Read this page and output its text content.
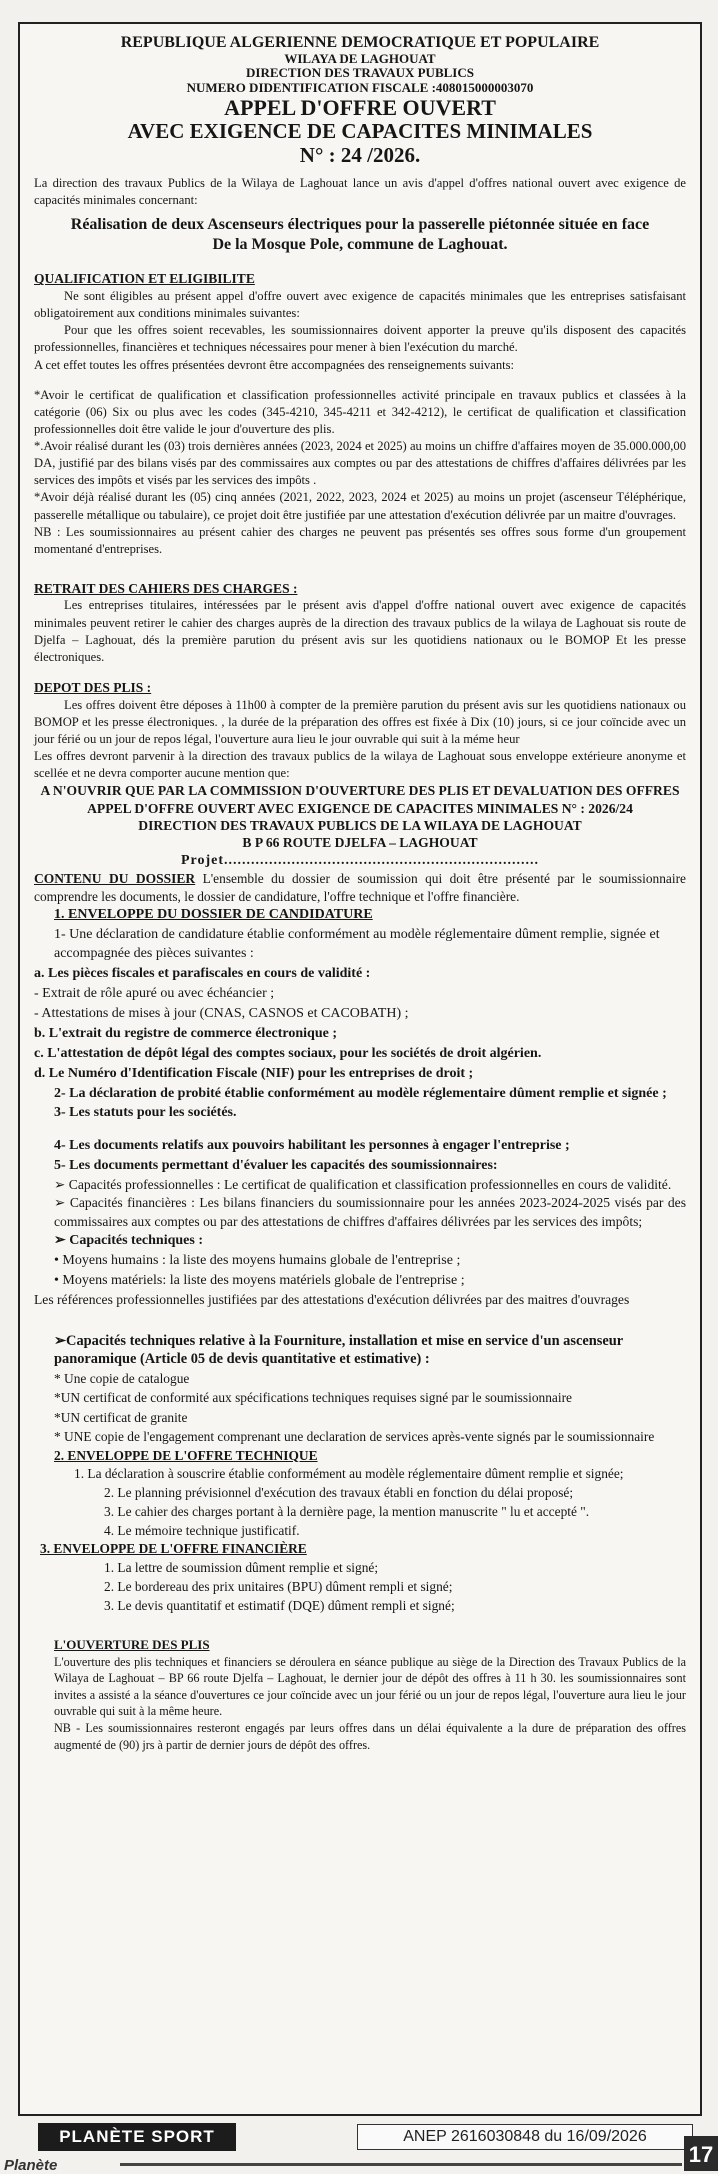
REPUBLIQUE ALGERIENNE DEMOCRATIQUE ET POPULAIRE
WILAYA DE LAGHOUAT
DIRECTION DES TRAVAUX PUBLICS
NUMERO DIDENTIFICATION FISCALE :408015000003070
APPEL D'OFFRE OUVERT
AVEC EXIGENCE DE CAPACITES MINIMALES
N° : 24 /2026.

La direction des travaux Publics de la Wilaya de Laghouat lance un avis d'appel d'offres national ouvert avec exigence de capacités minimales concernant:

Réalisation de deux Ascenseurs électriques pour la passerelle piétonnée située en face
De la Mosque Pole, commune de Laghouat.
QUALIFICATION ET ELIGIBILITE

Ne sont éligibles au présent appel d'offre ouvert avec exigence de capacités minimales que les entreprises satisfaisant obligatoirement aux conditions minimales suivantes:

Pour que les offres soient recevables, les soumissionnaires doivent apporter la preuve qu'ils disposent des capacités professionnelles, financières et techniques nécessaires pour mener à bien l'exécution du marché.

A cet effet toutes les offres présentées devront être accompagnées des renseignements suivants:

*Avoir le certificat de qualification et classification professionnelles activité principale en travaux publics et classées à la catégorie (06) Six ou plus avec les codes (345-4210, 345-4211 et 342-4212), le certificat de qualification et classification professionnelles doit être valide le jour d'ouverture des plis.

*.Avoir réalisé durant les (03) trois dernières années (2023, 2024 et 2025) au moins un chiffre d'affaires moyen de 35.000.000,00 DA, justifié par des bilans visés par des commissaires aux comptes ou par des attestations de chiffres d'affaires délivrées par les services des impôts et visés par les services des impôts .

*Avoir déjà réalisé durant les (05) cinq années (2021, 2022, 2023, 2024 et 2025) au moins un projet (ascenseur Téléphérique, passerelle métallique ou tabulaire), ce projet doit être justifiée par une attestation d'exécution délivrée par un maitre d'ouvrages.

NB : Les soumissionnaires au présent cahier des charges ne peuvent pas présentés ses offres sous forme d'un groupement momentané d'entreprises.

RETRAIT DES CAHIERS DES CHARGES :

Les entreprises titulaires, intéressées par le présent avis d'appel d'offre national ouvert avec exigence de capacités minimales peuvent retirer le cahier des charges auprès de la direction des travaux publics de la wilaya de Laghouat sis route de Djelfa – Laghouat, dés la première parution du présent avis sur les quotidiens nationaux ou le BOMOP Et les presse électroniques.

DEPOT DES PLIS :

Les offres doivent être déposes à 11h00 à compter de la première parution du présent avis sur les quotidiens nationaux ou BOMOP et les presse électroniques. , la durée de la préparation des offres est fixée à Dix (10) jours, si ce jour coïncide avec un jour férié ou un jour de repos légal, l'ouverture aura lieu le jour ouvrable qui suit à la méme heur

Les offres devront parvenir à la direction des travaux publics de la wilaya de Laghouat sous enveloppe extérieure anonyme et scellée et ne devra comporter aucune mention que:

A N'OUVRIR QUE PAR LA COMMISSION D'OUVERTURE DES PLIS ET DEVALUATION DES OFFRES
APPEL D'OFFRE OUVERT AVEC EXIGENCE DE CAPACITES MINIMALES N° : 2026/24
DIRECTION DES TRAVAUX PUBLICS DE LA WILAYA DE LAGHOUAT
B P 66 ROUTE DJELFA – LAGHOUAT
Projet......................................................................

CONTENU DU DOSSIER L'ensemble du dossier de soumission qui doit être présenté par le soumissionnaire comprendre les documents, le dossier de candidature, l'offre technique et l'offre financière.

1. ENVELOPPE DU DOSSIER DE CANDIDATURE
1- Une déclaration de candidature établie conformément au modèle réglementaire dûment remplie, signée et accompagnée des pièces suivantes :
a. Les pièces fiscales et parafiscales en cours de validité :
- Extrait de rôle apuré ou avec échéancier ;
- Attestations de mises à jour (CNAS, CASNOS et CACOBATH) ;
b. L'extrait du registre de commerce électronique ;
c. L'attestation de dépôt légal des comptes sociaux, pour les sociétés de droit algérien.
d. Le Numéro d'Identification Fiscale (NIF) pour les entreprises de droit ;
2- La déclaration de probité établie conformément au modèle réglementaire dûment remplie et signée ;
3- Les statuts pour les sociétés.
4- Les documents relatifs aux pouvoirs habilitant les personnes à engager l'entreprise ;
5- Les documents permettant d'évaluer les capacités des soumissionnaires:

➢ Capacités professionnelles : Le certificat de qualification et classification professionnelles en cours de validité.

➢ Capacités financières : Les bilans financiers du soumissionnaire pour les années 2023-2024-2025 visés par des commissaires aux comptes ou par des attestations de chiffres d'affaires délivrées par les services des impôts;

➢ Capacités techniques :
• Moyens humains : la liste des moyens humains globale de l'entreprise ;
• Moyens matériels: la liste des moyens matériels globale de l'entreprise ;

Les références professionnelles justifiées par des attestations d'exécution délivrées par des maitres d'ouvrages

➢Capacités techniques relative à la Fourniture, installation et mise en service d'un ascenseur panoramique (Article 05 de devis quantitative et estimative) :

* Une copie de catalogue
*UN certificat de conformité aux spécifications techniques requises signé par le soumissionnaire
*UN certificat de granite
* UNE copie de l'engagement comprenant une declaration de services après-vente signés par le soumissionnaire
2. ENVELOPPE DE L'OFFRE TECHNIQUE
1. La déclaration à souscrire établie conformément au modèle réglementaire dûment remplie et signée;
2. Le planning prévisionnel d'exécution des travaux établi en fonction du délai proposé;
3. Le cahier des charges portant à la dernière page, la mention manuscrite " lu et accepté ".
4. Le mémoire technique justificatif.
3. ENVELOPPE DE L'OFFRE FINANCIÈRE
1. La lettre de soumission dûment remplie et signé;
2. Le bordereau des prix unitaires (BPU) dûment rempli et signé;
3. Le devis quantitatif et estimatif (DQE) dûment rempli et signé;
L'OUVERTURE DES PLIS

L'ouverture des plis techniques et financiers se déroulera en séance publique au siège de la Direction des Travaux Publics de la Wilaya de Laghouat – BP 66 route Djelfa – Laghouat, le dernier jour de dépôt des offres à 11 h 30. les soumissionnaires sont invites a assisté a la séance d'ouvertures ce jour coïncide avec un jour férié ou un jour de repos légal, l'ouverture aura lieu le jour ouvrable qui suit à la même heure.

NB - Les soumissionnaires resteront engagés par leurs offres dans un délai équivalente a la dure de préparation des offres augmenté de (90) jrs à partir de dernier jours de dépôt des offres.

PLANÈTE SPORT	ANEP 2616030848 du 16/09/2026
Planète	17
